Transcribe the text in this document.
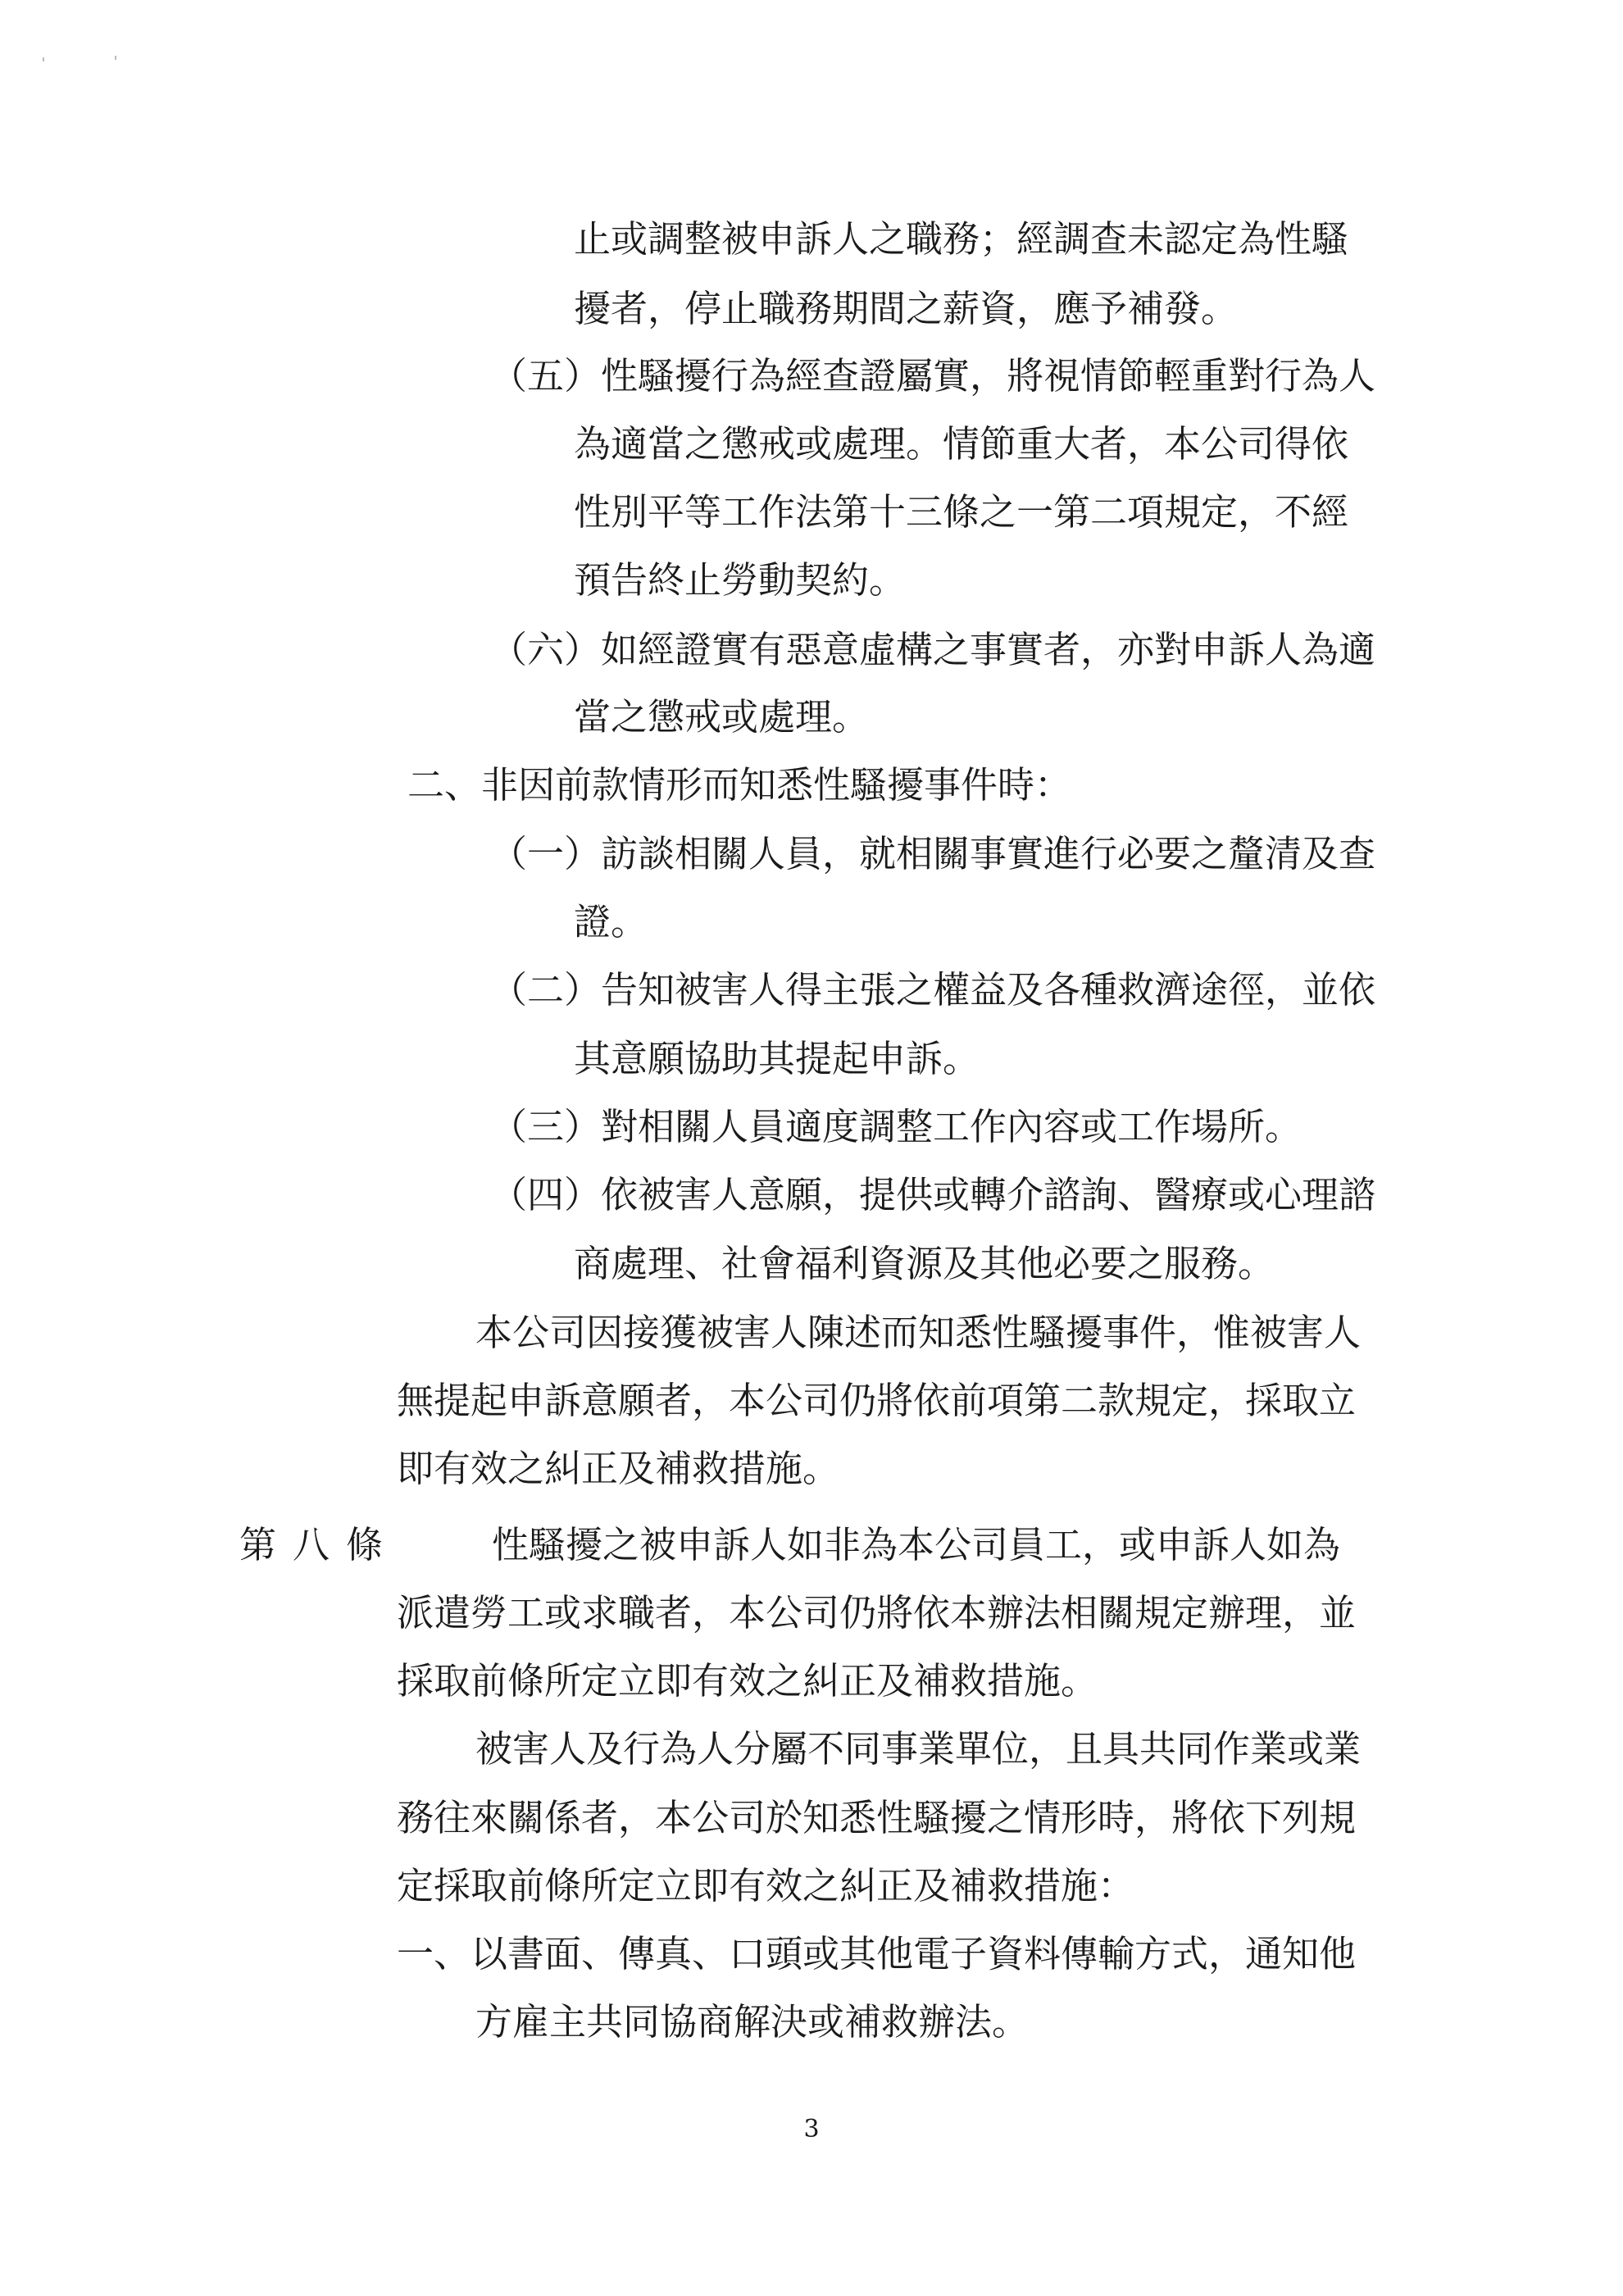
止或調整被申訴人之職務；經調查未認定為性騷
擾者，停止職務期間之薪資，應予補發。
（五）性騷擾行為經查證屬實，將視情節輕重對行為人
為適當之懲戒或處理。情節重大者，本公司得依
性別平等工作法第十三條之一第二項規定，不經
預告終止勞動契約。
（六）如經證實有惡意虛構之事實者，亦對申訴人為適
當之懲戒或處理。
二、非因前款情形而知悉性騷擾事件時：
（一）訪談相關人員，就相關事實進行必要之釐清及查
證。
（二）告知被害人得主張之權益及各種救濟途徑，並依
其意願協助其提起申訴。
（三）對相關人員適度調整工作內容或工作場所。
（四）依被害人意願，提供或轉介諮詢、醫療或心理諮
商處理、社會福利資源及其他必要之服務。
本公司因接獲被害人陳述而知悉性騷擾事件，惟被害人
無提起申訴意願者，本公司仍將依前項第二款規定，採取立
即有效之糾正及補救措施。
第八條	性騷擾之被申訴人如非為本公司員工，或申訴人如為
派遣勞工或求職者，本公司仍將依本辦法相關規定辦理，並
採取前條所定立即有效之糾正及補救措施。
被害人及行為人分屬不同事業單位，且具共同作業或業
務往來關係者，本公司於知悉性騷擾之情形時，將依下列規
定採取前條所定立即有效之糾正及補救措施：
一、以書面、傳真、口頭或其他電子資料傳輸方式，通知他
方雇主共同協商解決或補救辦法。
3
